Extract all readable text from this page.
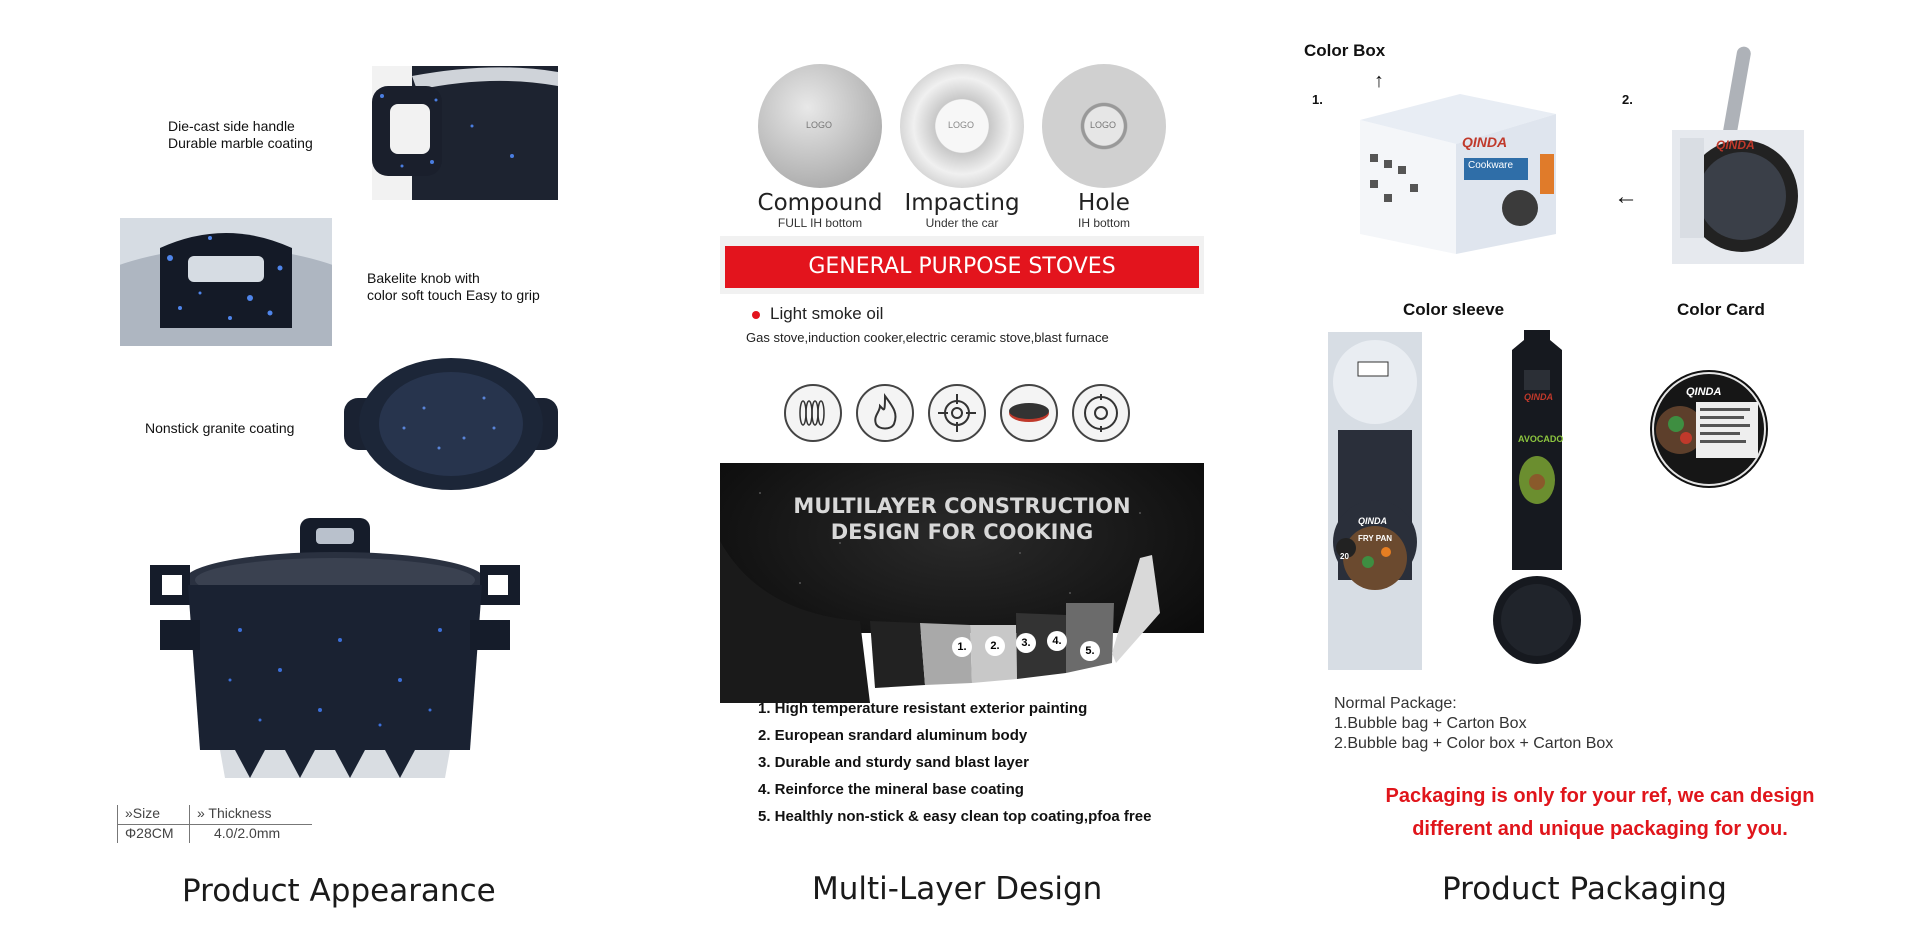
Die-cast side handle
Durable marble coating
Bakelite knob with
color soft touch Easy to grip
Nonstick granite coating
»Size	» Thickness
Φ28CM	4.0/2.0mm
Product Appearance
LOGO	LOGO	LOGO
Compound
FULL IH bottom
Impacting
Under the car
Hole
IH bottom
GENERAL PURPOSE STOVES
Light smoke oil
Gas stove,induction cooker,electric ceramic stove,blast furnace
MULTILAYER CONSTRUCTION
DESIGN FOR COOKING
1.	2.	3.	4.
5.
1. High temperature resistant exterior painting
2. European srandard aluminum body
3. Durable and sturdy sand blast layer
4. Reinforce the mineral base coating
5. Healthly non-stick & easy clean top coating,pfoa free
Multi-Layer Design
Color Box
1.
↑
2.
←
QINDA
Cookware
QINDA
Color sleeve	Color Card
QINDA
FRY PAN
20
QINDA
AVOCADO
QINDA
Normal Package:
1.Bubble bag + Carton Box
2.Bubble bag + Color box + Carton Box
Packaging is only for your ref, we can design
different and unique packaging for you.
Product Packaging
